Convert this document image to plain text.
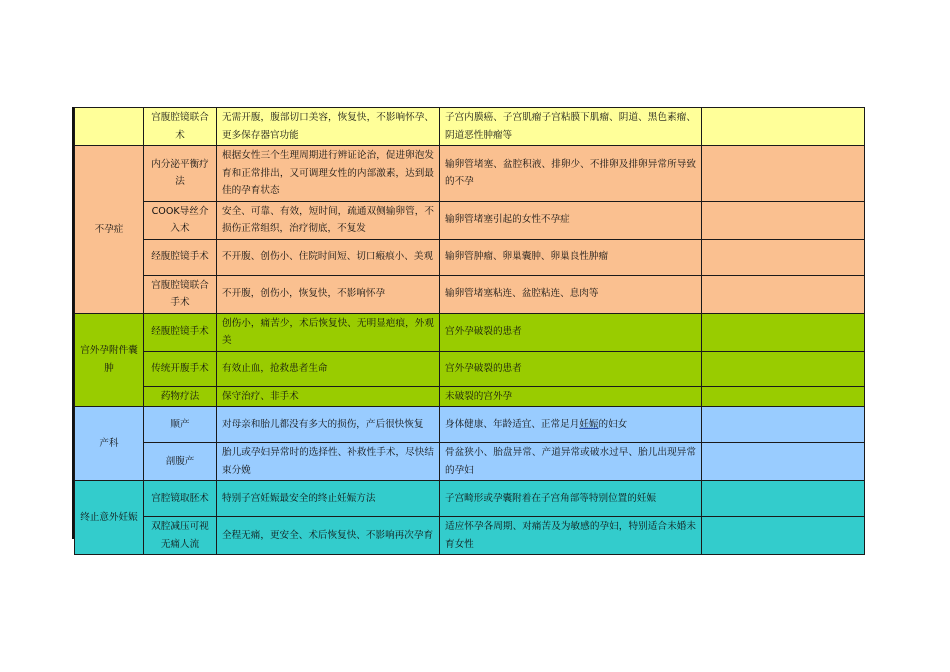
	宫腹腔镜联合术	无需开腹，腹部切口美容，恢复快，不影响怀孕、更多保存器官功能	子宫内膜癌、子宫肌瘤子宫粘膜下肌瘤、阴道、黑色素瘤、阴道恶性肿瘤等	
不孕症	内分泌平衡疗法	根据女性三个生理周期进行辨证论治，促进卵泡发育和正常排出，又可调理女性的内部激素，达到最佳的孕育状态	输卵管堵塞、盆腔积液、排卵少、不排卵及排卵异常所导致的不孕	
	COOK导丝介入术	安全、可靠、有效，短时间，疏通双侧输卵管，不损伤正常组织，治疗彻底，不复发	输卵管堵塞引起的女性不孕症	
	经腹腔镜手术	不开腹、创伤小、住院时间短、切口瘢痕小、美观	输卵管肿瘤、卵巢囊肿、卵巢良性肿瘤	
	宫腹腔镜联合手术	不开腹，创伤小，恢复快，不影响怀孕	输卵管堵塞粘连、盆腔粘连、息肉等	
宫外孕附件囊肿	经腹腔镜手术	创伤小，痛苦少，术后恢复快、无明显疤痕，外观美	宫外孕破裂的患者	
	传统开腹手术	有效止血，抢救患者生命	宫外孕破裂的患者	
	药物疗法	保守治疗、非手术	未破裂的宫外孕	
产科	顺产	对母亲和胎儿都没有多大的损伤，产后很快恢复	身体健康、年龄适宜、正常足月妊娠的妇女	
	剖腹产	胎儿或孕妇异常时的选择性、补救性手术，尽快结束分娩	骨盆狭小、胎盘异常、产道异常或破水过早、胎儿出现异常的孕妇	
终止意外妊娠	宫腔镜取胚术	特别子宫妊娠最安全的终止妊娠方法	子宫畸形或孕囊附着在子宫角部等特别位置的妊娠	
	双腔减压可视无痛人流	全程无痛，更安全、术后恢复快、不影响再次孕育	适应怀孕各周期、对痛苦及为敏感的孕妇，特别适合未婚未育女性	
